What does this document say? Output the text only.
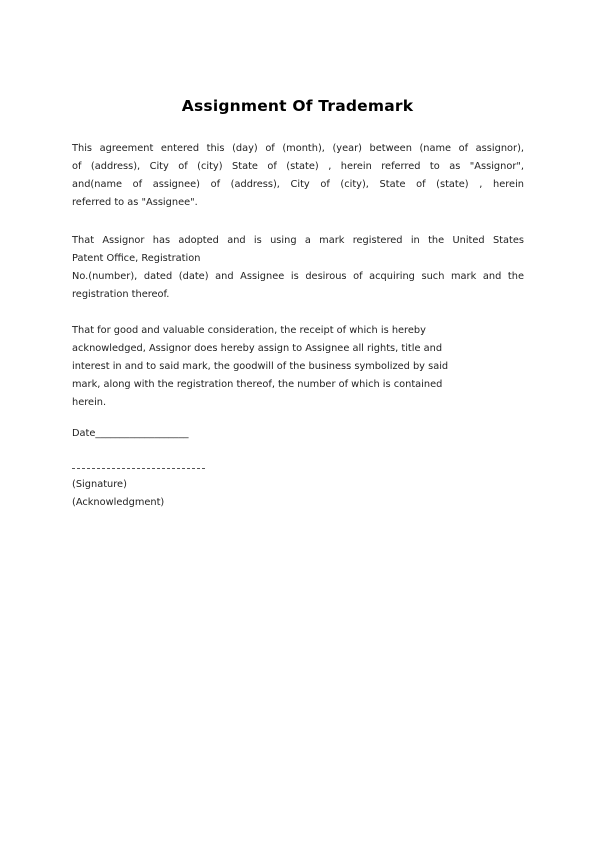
Assignment Of Trademark
This agreement entered this (day) of (month), (year) between (name of assignor),
of (address), City of (city) State of (state) , herein referred to as "Assignor",
and(name of assignee) of (address), City of (city), State of (state) , herein
referred to as "Assignee".
That Assignor has adopted and is using a mark registered in the United States
Patent Office, Registration
No.(number), dated (date) and Assignee is desirous of acquiring such mark and the
registration thereof.
That for good and valuable consideration, the receipt of which is hereby
acknowledged, Assignor does hereby assign to Assignee all rights, title and
interest in and to said mark, the goodwill of the business symbolized by said
mark, along with the registration thereof, the number of which is contained
herein.
Date___________________
(Signature)
(Acknowledgment)
